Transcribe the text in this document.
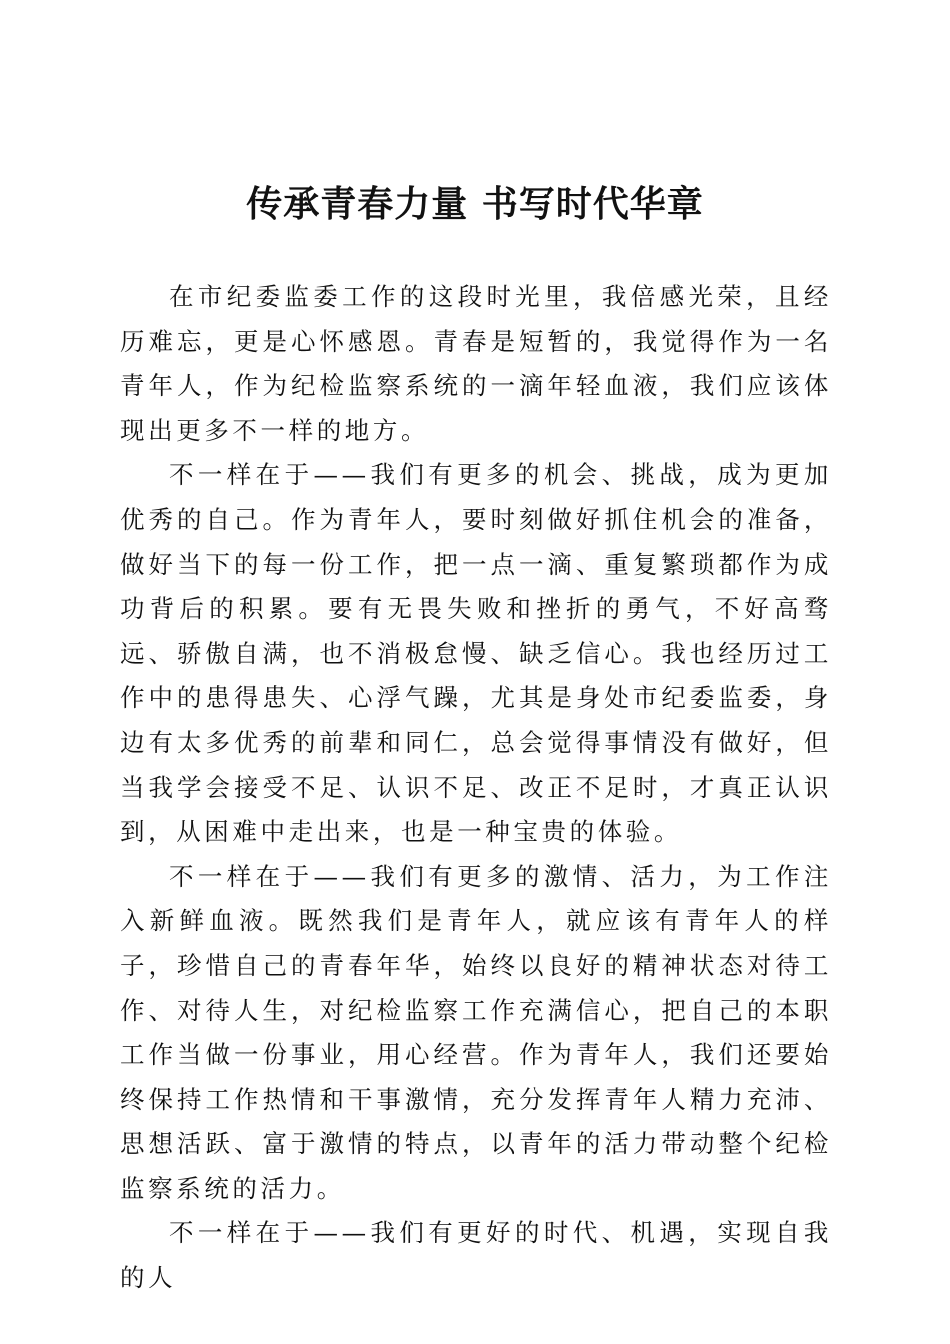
传承青春力量 书写时代华章

在市纪委监委工作的这段时光里，我倍感光荣，且经历难忘，更是心怀感恩。青春是短暂的，我觉得作为一名青年人，作为纪检监察系统的一滴年轻血液，我们应该体现出更多不一样的地方。

不一样在于——我们有更多的机会、挑战，成为更加优秀的自己。作为青年人，要时刻做好抓住机会的准备，做好当下的每一份工作，把一点一滴、重复繁琐都作为成功背后的积累。要有无畏失败和挫折的勇气，不好高骛远、骄傲自满，也不消极怠慢、缺乏信心。我也经历过工作中的患得患失、心浮气躁，尤其是身处市纪委监委，身边有太多优秀的前辈和同仁，总会觉得事情没有做好，但当我学会接受不足、认识不足、改正不足时，才真正认识到，从困难中走出来，也是一种宝贵的体验。

不一样在于——我们有更多的激情、活力，为工作注入新鲜血液。既然我们是青年人，就应该有青年人的样子，珍惜自己的青春年华，始终以良好的精神状态对待工作、对待人生，对纪检监察工作充满信心，把自己的本职工作当做一份事业，用心经营。作为青年人，我们还要始终保持工作热情和干事激情，充分发挥青年人精力充沛、思想活跃、富于激情的特点，以青年的活力带动整个纪检监察系统的活力。

不一样在于——我们有更好的时代、机遇，实现自我的人
